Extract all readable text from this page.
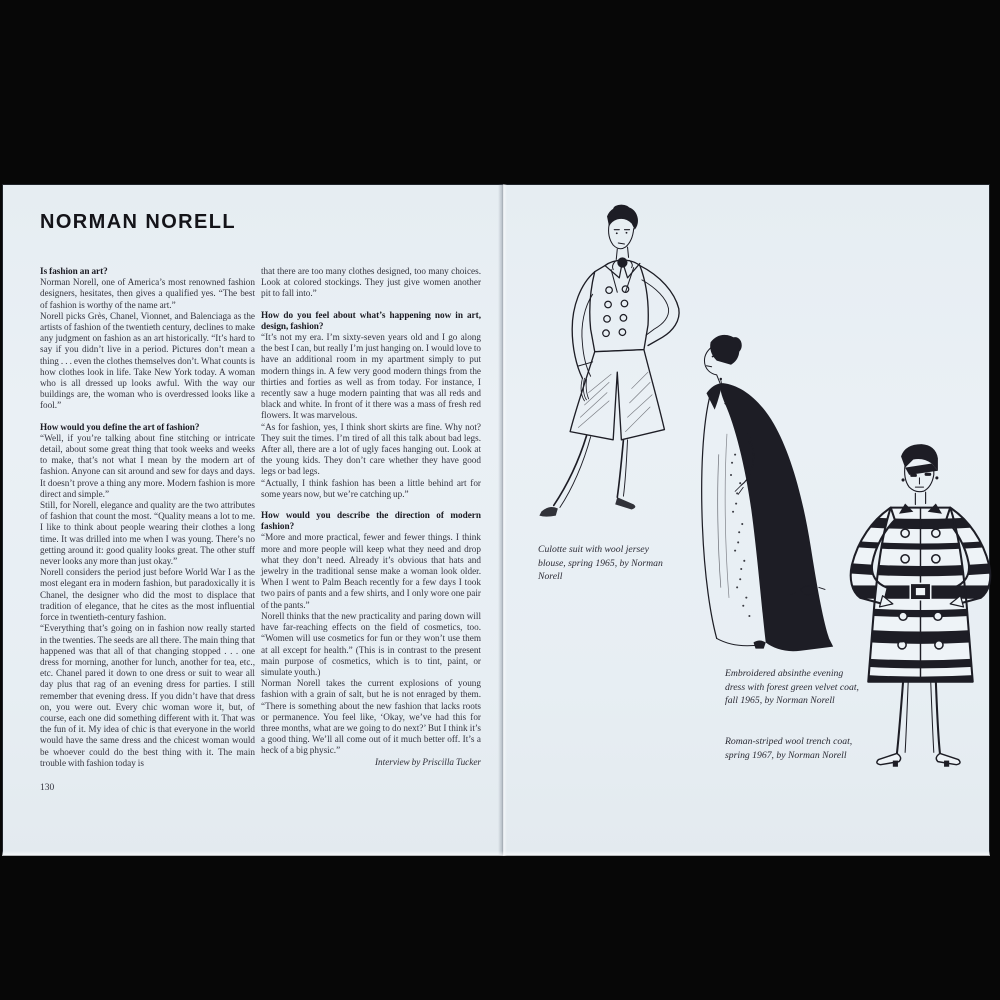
NORMAN NORELL
Is fashion an art?

Norman Norell, one of America’s most renowned fashion designers, hesitates, then gives a qualified yes. “The best of fashion is worthy of the name art.”

Norell picks Grès, Chanel, Vionnet, and Balenciaga as the artists of fashion of the twentieth century, declines to make any judgment on fashion as an art historically. “It’s hard to say if you didn’t live in a period. Pictures don’t mean a thing . . . even the clothes themselves don’t. What counts is how clothes look in life. Take New York today. A woman who is all dressed up looks awful. With the way our buildings are, the woman who is overdressed looks like a fool.”

How would you define the art of fashion?

“Well, if you’re talking about fine stitching or intricate detail, about some great thing that took weeks and weeks to make, that’s not what I mean by the modern art of fashion. Anyone can sit around and sew for days and days. It doesn’t prove a thing any more. Modern fashion is more direct and simple.”

Still, for Norell, elegance and quality are the two attributes of fashion that count the most. “Quality means a lot to me. I like to think about people wearing their clothes a long time. It was drilled into me when I was young. There’s no getting around it: good quality looks great. The other stuff never looks any more than just okay.”

Norell considers the period just before World War I as the most elegant era in modern fashion, but paradoxically it is Chanel, the designer who did the most to displace that tradition of elegance, that he cites as the most influential force in twentieth-century fashion.

“Everything that’s going on in fashion now really started in the twenties. The seeds are all there. The main thing that happened was that all of that changing stopped . . . one dress for morning, another for lunch, another for tea, etc., etc. Chanel pared it down to one dress or suit to wear all day plus that rag of an evening dress for parties. I still remember that evening dress. If you didn’t have that dress on, you were out. Every chic woman wore it, but, of course, each one did something different with it. That was the fun of it. My idea of chic is that everyone in the world would have the same dress and the chicest woman would be whoever could do the best thing with it. The main trouble with fashion today is

that there are too many clothes designed, too many choices. Look at colored stockings. They just give women another pit to fall into.”

How do you feel about what’s happening now in art, design, fashion?

“It’s not my era. I’m sixty-seven years old and I go along the best I can, but really I’m just hanging on. I would love to have an additional room in my apartment simply to put modern things in. A few very good modern things from the thirties and forties as well as from today. For instance, I recently saw a huge modern painting that was all reds and black and white. In front of it there was a mass of fresh red flowers. It was marvelous.

“As for fashion, yes, I think short skirts are fine. Why not? They suit the times. I’m tired of all this talk about bad legs. After all, there are a lot of ugly faces hanging out. Look at the young kids. They don’t care whether they have good legs or bad legs.

“Actually, I think fashion has been a little behind art for some years now, but we’re catching up.”

How would you describe the direction of modern fashion?

“More and more practical, fewer and fewer things. I think more and more people will keep what they need and drop what they don’t need. Already it’s obvious that hats and jewelry in the traditional sense make a woman look older. When I went to Palm Beach recently for a few days I took two pairs of pants and a few shirts, and I only wore one pair of the pants.”

Norell thinks that the new practicality and paring down will have far-reaching effects on the field of cosmetics, too. “Women will use cosmetics for fun or they won’t use them at all except for health.” (This is in contrast to the present main purpose of cosmetics, which is to tint, paint, or simulate youth.)

Norman Norell takes the current explosions of young fashion with a grain of salt, but he is not enraged by them. “There is something about the new fashion that lacks roots or permanence. You feel like, ‘Okay, we’ve had this for three months, what are we going to do next?’ But I think it’s a good thing. We’ll all come out of it much better off. It’s a heck of a big physic.”

Interview by Priscilla Tucker

130
Culotte suit with wool jersey blouse, spring 1965, by Norman Norell
Embroidered absinthe evening dress with forest green velvet coat, fall 1965, by Norman Norell
Roman-striped wool trench coat, spring 1967, by Norman Norell
